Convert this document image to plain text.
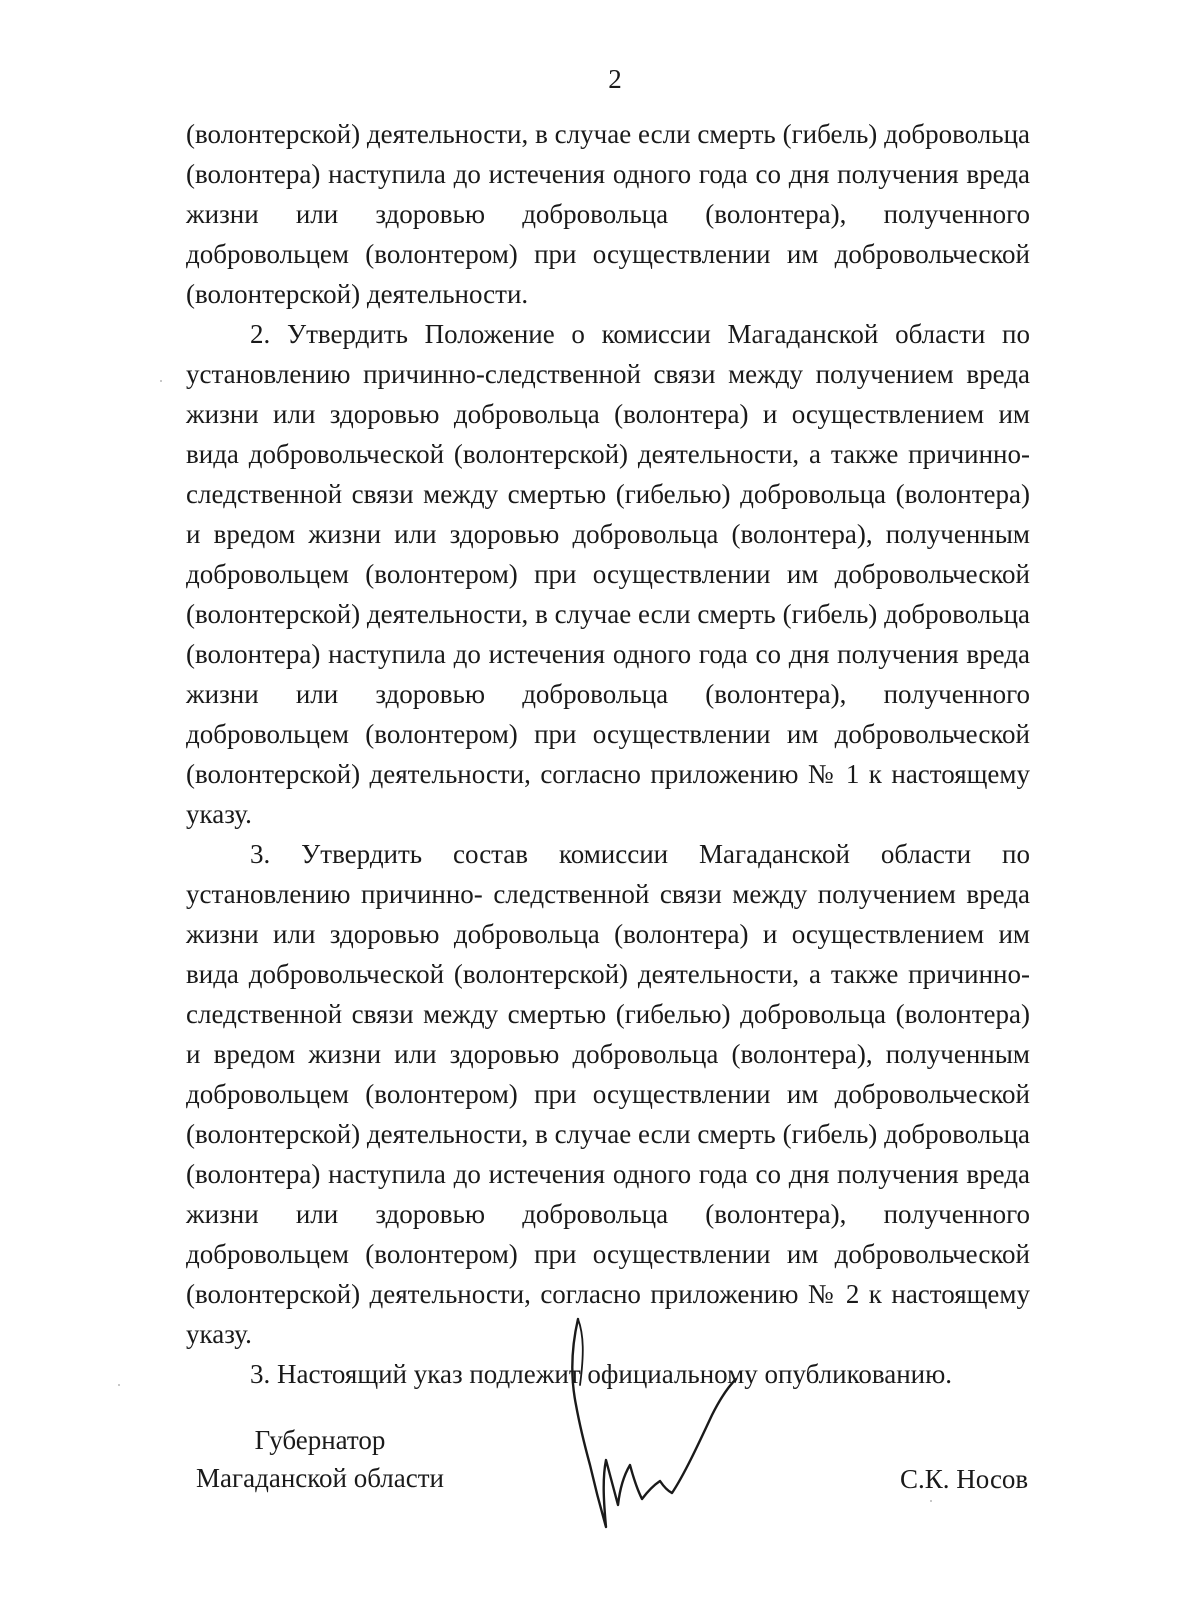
2

(волонтерской) деятельности, в случае если смерть (гибель) добровольца (волонтера) наступила до истечения одного года со дня получения вреда жизни или здоровью добровольца (волонтера), полученного добровольцем (волонтером) при осуществлении им добровольческой (волонтерской) деятельности.

2. Утвердить Положение о комиссии Магаданской области по установлению причинно-следственной связи между получением вреда жизни или здоровью добровольца (волонтера) и осуществлением им вида добровольческой (волонтерской) деятельности, а также причинно-следственной связи между смертью (гибелью) добровольца (волонтера) и вредом жизни или здоровью добровольца (волонтера), полученным добровольцем (волонтером) при осуществлении им добровольческой (волонтерской) деятельности, в случае если смерть (гибель) добровольца (волонтера) наступила до истечения одного года со дня получения вреда жизни или здоровью добровольца (волонтера), полученного добровольцем (волонтером) при осуществлении им добровольческой (волонтерской) деятельности, согласно приложению № 1 к настоящему указу.

3. Утвердить состав комиссии Магаданской области по установлению причинно- следственной связи между получением вреда жизни или здоровью добровольца (волонтера) и осуществлением им вида добровольческой (волонтерской) деятельности, а также причинно-следственной связи между смертью (гибелью) добровольца (волонтера) и вредом жизни или здоровью добровольца (волонтера), полученным добровольцем (волонтером) при осуществлении им добровольческой (волонтерской) деятельности, в случае если смерть (гибель) добровольца (волонтера) наступила до истечения одного года со дня получения вреда жизни или здоровью добровольца (волонтера), полученного добровольцем (волонтером) при осуществлении им добровольческой (волонтерской) деятельности, согласно приложению № 2 к настоящему указу.

3. Настоящий указ подлежит официальному опубликованию.

Губернатор
Магаданской области	С.К. Носов
